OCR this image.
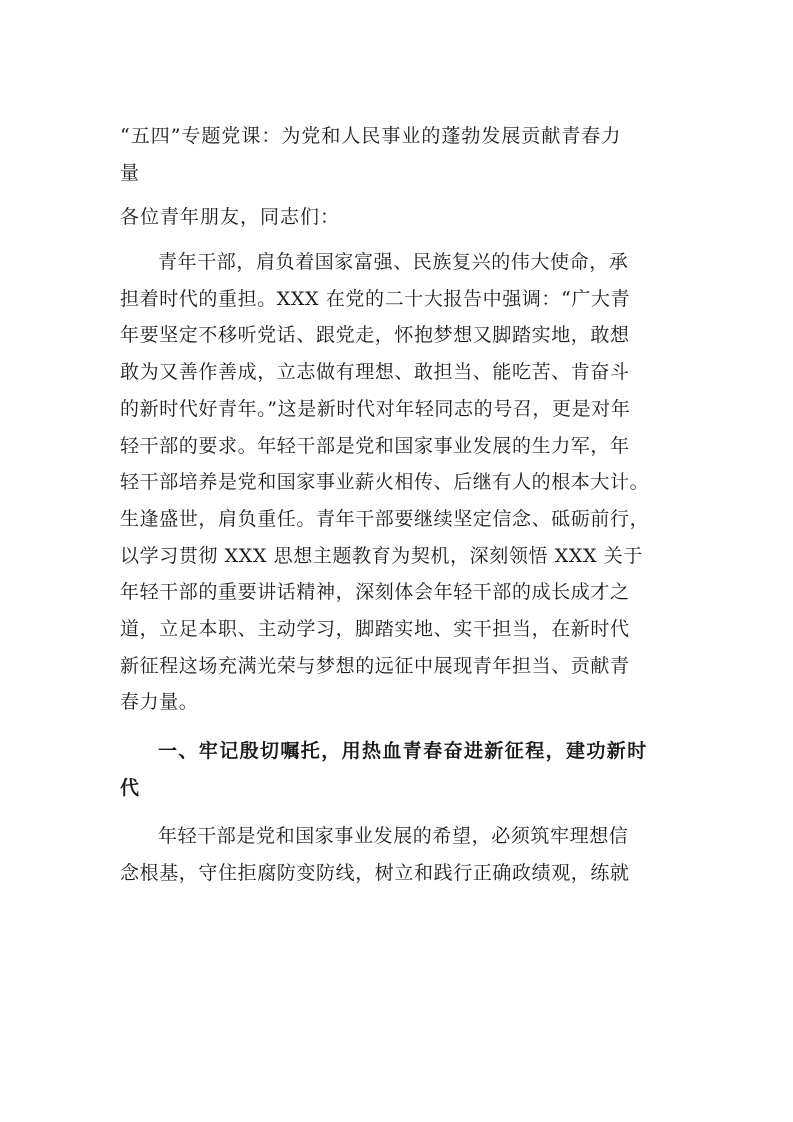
“五四”专题党课：为党和人民事业的蓬勃发展贡献青春力
量
各位青年朋友，同志们：
青年干部，肩负着国家富强、民族复兴的伟大使命，承
担着时代的重担。XXX 在党的二十大报告中强调：“广大青
年要坚定不移听党话、跟党走，怀抱梦想又脚踏实地，敢想
敢为又善作善成，立志做有理想、敢担当、能吃苦、肯奋斗
的新时代好青年。”这是新时代对年轻同志的号召，更是对年
轻干部的要求。年轻干部是党和国家事业发展的生力军，年
轻干部培养是党和国家事业薪火相传、后继有人的根本大计。
生逢盛世，肩负重任。青年干部要继续坚定信念、砥砺前行，
以学习贯彻 XXX 思想主题教育为契机，深刻领悟 XXX 关于
年轻干部的重要讲话精神，深刻体会年轻干部的成长成才之
道，立足本职、主动学习，脚踏实地、实干担当，在新时代
新征程这场充满光荣与梦想的远征中展现青年担当、贡献青
春力量。
一、牢记殷切嘱托，用热血青春奋进新征程，建功新时
代
年轻干部是党和国家事业发展的希望，必须筑牢理想信
念根基，守住拒腐防变防线，树立和践行正确政绩观，练就
